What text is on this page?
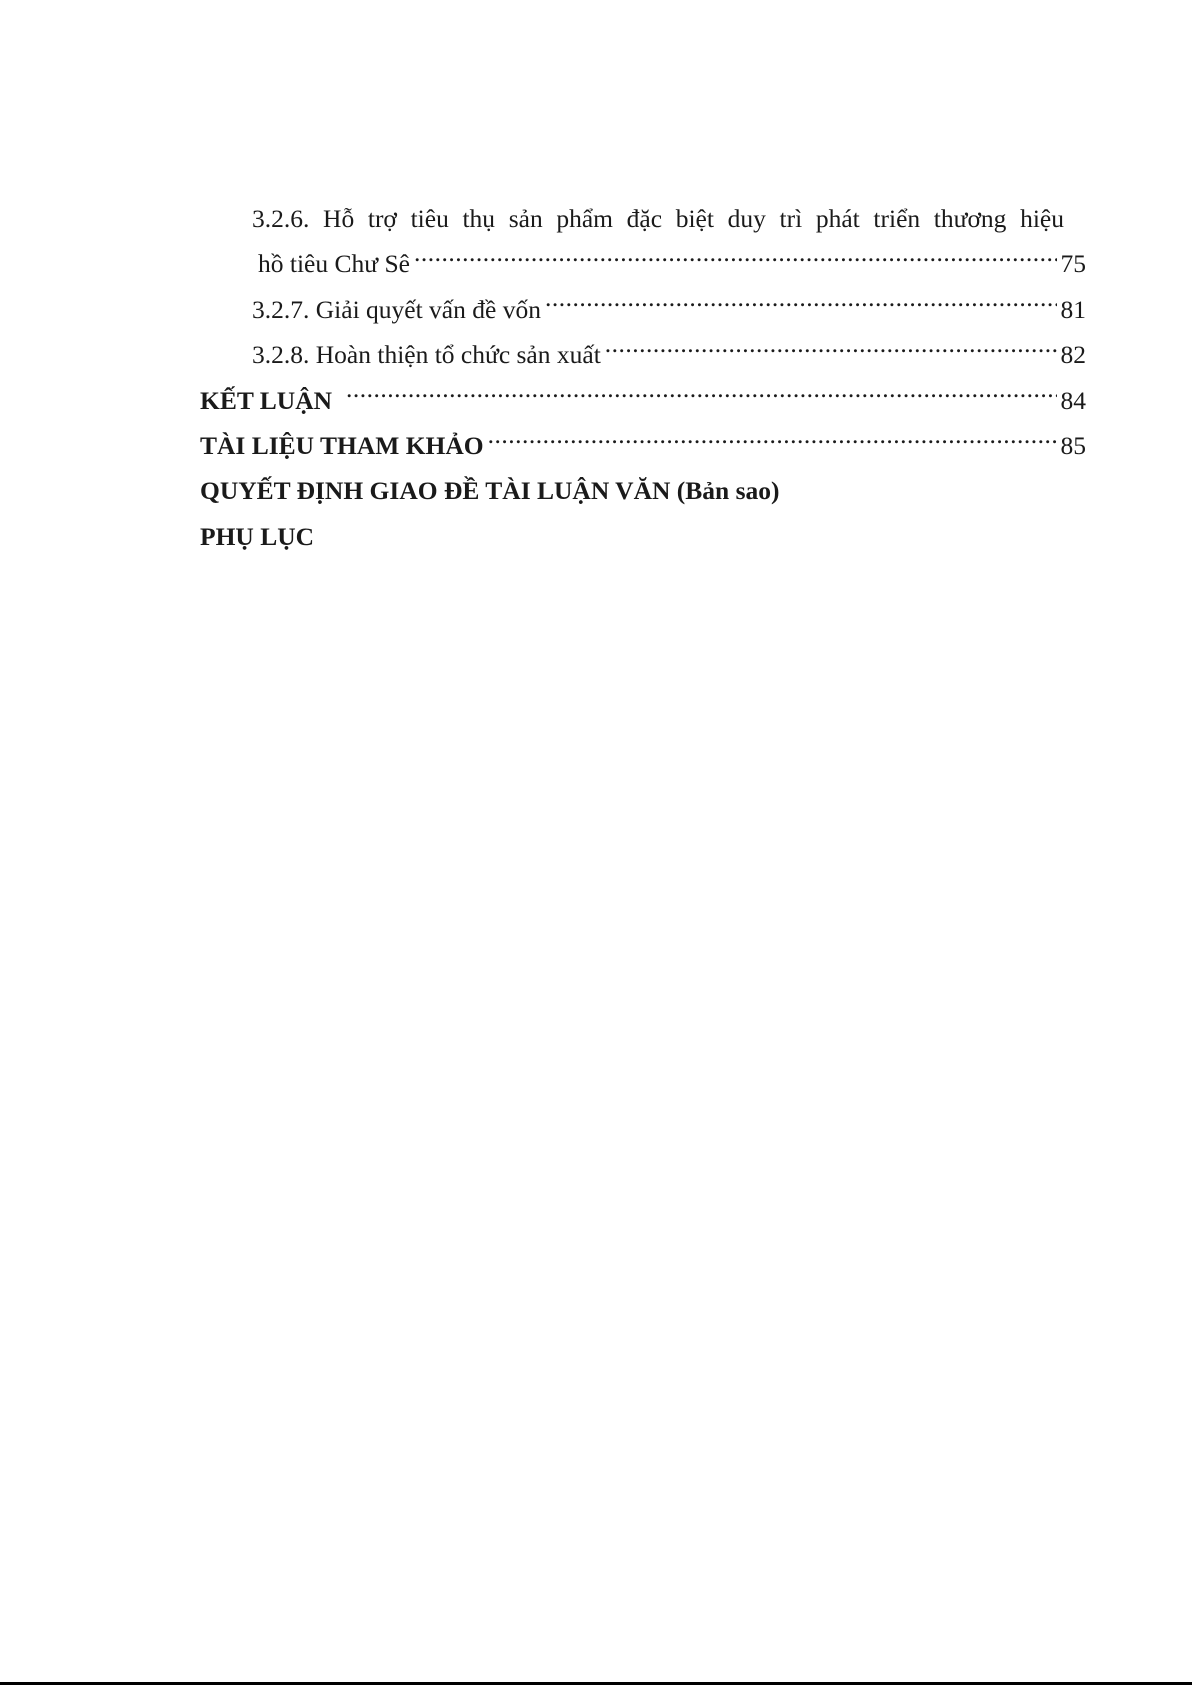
3.2.6. Hỗ trợ tiêu thụ sản phẩm đặc biệt duy trì phát triển thương hiệu
hồ tiêu Chư Sê .....	75
3.2.7. Giải quyết vấn đề vốn .....	81
3.2.8. Hoàn thiện tổ chức sản xuất .....	82
KẾT LUẬN .....	84
TÀI LIỆU THAM KHẢO .....	85
QUYẾT ĐỊNH GIAO ĐỀ TÀI LUẬN VĂN (Bản sao)
PHỤ LỤC
